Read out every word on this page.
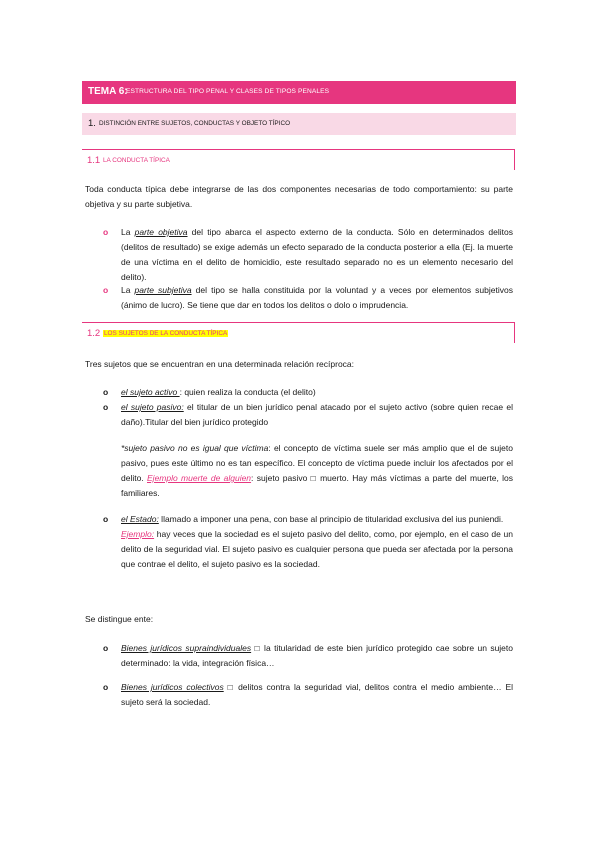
TEMA 6:
ESTRUCTURA DEL TIPO PENAL Y CLASES DE TIPOS PENALES
1. DISTINCIÓN ENTRE SUJETOS, CONDUCTAS Y OBJETO TÍPICO
1.1 LA CONDUCTA TÍPICA
Toda conducta típica debe integrarse de las dos componentes necesarias de todo comportamiento: su parte objetiva y su parte subjetiva.
o La parte objetiva del tipo abarca el aspecto externo de la conducta. Sólo en determinados delitos (delitos de resultado) se exige además un efecto separado de la conducta posterior a ella (Ej. la muerte de una víctima en el delito de homicidio, este resultado separado no es un elemento necesario del delito).
o La parte subjetiva del tipo se halla constituida por la voluntad y a veces por elementos subjetivos (ánimo de lucro). Se tiene que dar en todos los delitos o dolo o imprudencia.
1.2 LOS SUJETOS DE LA CONDUCTA TÍPICA
Tres sujetos que se encuentran en una determinada relación recíproca:
o el sujeto activo : quien realiza la conducta (el delito)
o el sujeto pasivo: el titular de un bien jurídico penal atacado por el sujeto activo (sobre quien recae el daño).Titular del bien jurídico protegido
*sujeto pasivo no es igual que víctima: el concepto de víctima suele ser más amplio que el de sujeto pasivo, pues este último no es tan específico. El concepto de víctima puede incluir los afectados por el delito. Ejemplo muerte de alguien: sujeto pasivo □ muerto. Hay más víctimas a parte del muerte, los familiares.
o el Estado: llamado a imponer una pena, con base al principio de titularidad exclusiva del ius puniendi.
Ejemplo: hay veces que la sociedad es el sujeto pasivo del delito, como, por ejemplo, en el caso de un delito de la seguridad vial. El sujeto pasivo es cualquier persona que pueda ser afectada por la persona que contrae el delito, el sujeto pasivo es la sociedad.
Se distingue ente:
o Bienes jurídicos supraindividuales □ la titularidad de este bien jurídico protegido cae sobre un sujeto determinado: la vida, integración física…
o Bienes jurídicos colectivos □ delitos contra la seguridad vial, delitos contra el medio ambiente… El sujeto será la sociedad.
